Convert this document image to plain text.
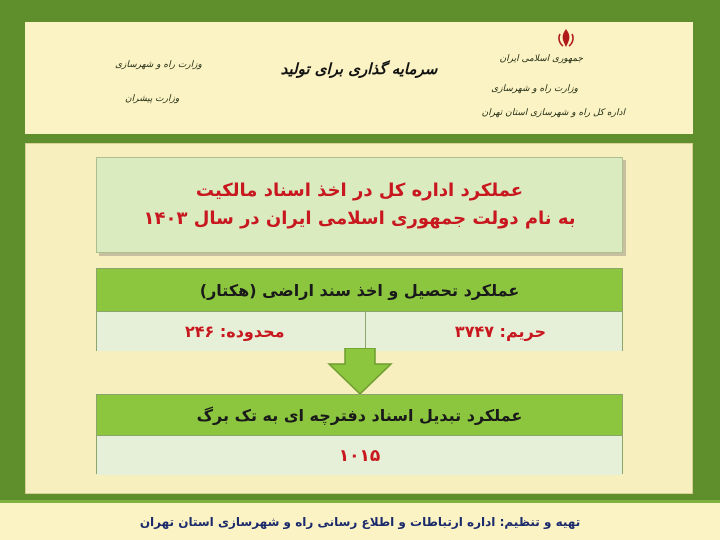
جمهوری اسلامی ایران
وزارت راه و شهرسازی
اداره کل راه و شهرسازی استان تهران
سرمایه گذاری برای تولید
وزارت راه و شهرسازی
وزارت پیشران
عملکرد اداره کل در اخذ اسناد مالکیت
به نام دولت جمهوری اسلامی ایران در سال ۱۴۰۳
عملکرد تحصیل و اخذ سند اراضی (هکتار)
حریم: ۳۷۴۷
محدوده: ۲۴۶
عملکرد تبدیل اسناد دفترچه ای به تک برگ
۱۰۱۵
تهیه و تنظیم: اداره ارتباطات و اطلاع رسانی راه و شهرسازی استان تهران
